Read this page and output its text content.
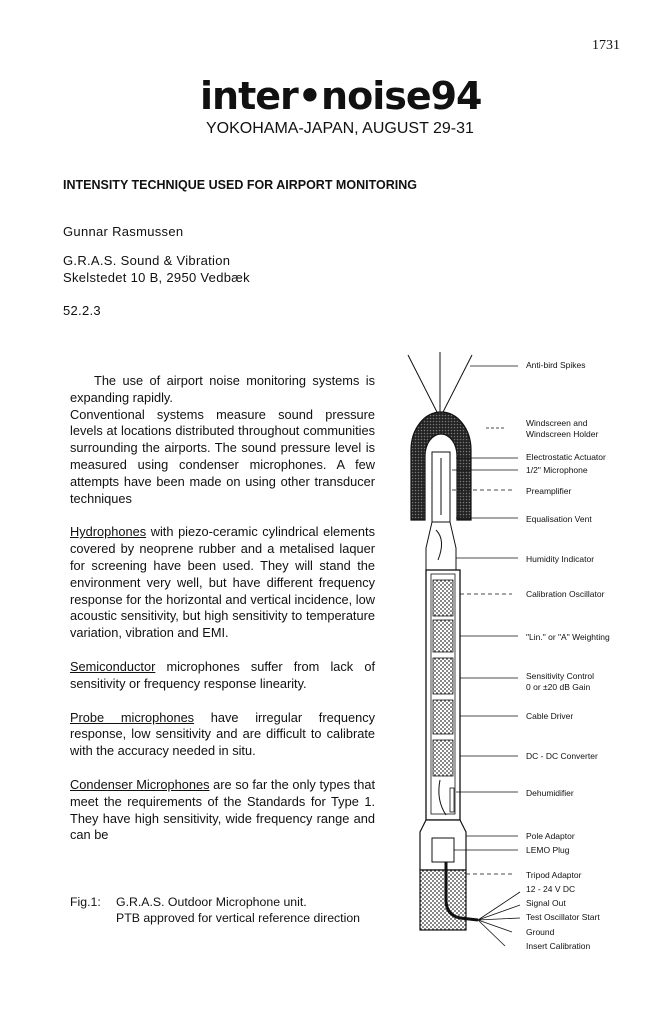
1731
inter•noise94
YOKOHAMA-JAPAN, AUGUST 29-31
INTENSITY TECHNIQUE USED FOR AIRPORT MONITORING
Gunnar Rasmussen
G.R.A.S. Sound & Vibration
Skelstedet 10 B, 2950 Vedbæk
52.2.3

The use of airport noise monitoring systems is expanding rapidly.

Conventional systems measure sound pressure levels at locations distributed throughout communities surrounding the airports. The sound pressure level is measured using condenser microphones. A few attempts have been made on using other transducer techniques

Hydrophones with piezo-ceramic cylindrical elements covered by neoprene rubber and a metalised laquer for screening have been used. They will stand the environment very well, but have different frequency response for the horizontal and vertical incidence, low acoustic sensitivity, but high sensitivity to temperature variation, vibration and EMI.

Semiconductor microphones suffer from lack of sensitivity or frequency response linearity.

Probe microphones have irregular frequency response, low sensitivity and are difficult to calibrate with the accuracy needed in situ.

Condenser Microphones are so far the only types that meet the requirements of the Standards for Type 1. They have high sensitivity, wide frequency range and can be

Fig.1: G.R.A.S. Outdoor Microphone unit.
PTB approved for vertical reference direction
Anti-bird Spikes
Windscreen and
Windscreen Holder
Electrostatic Actuator
1/2" Microphone
Preamplifier
Equalisation Vent
Humidity Indicator
Calibration Oscillator
"Lin." or "A" Weighting
Sensitivity Control
0 or ±20 dB Gain
Cable Driver
DC - DC Converter
Dehumidifier
Pole Adaptor
LEMO Plug
Tripod Adaptor
12 - 24 V DC
Signal Out
Test Oscillator Start
Ground
Insert Calibration
